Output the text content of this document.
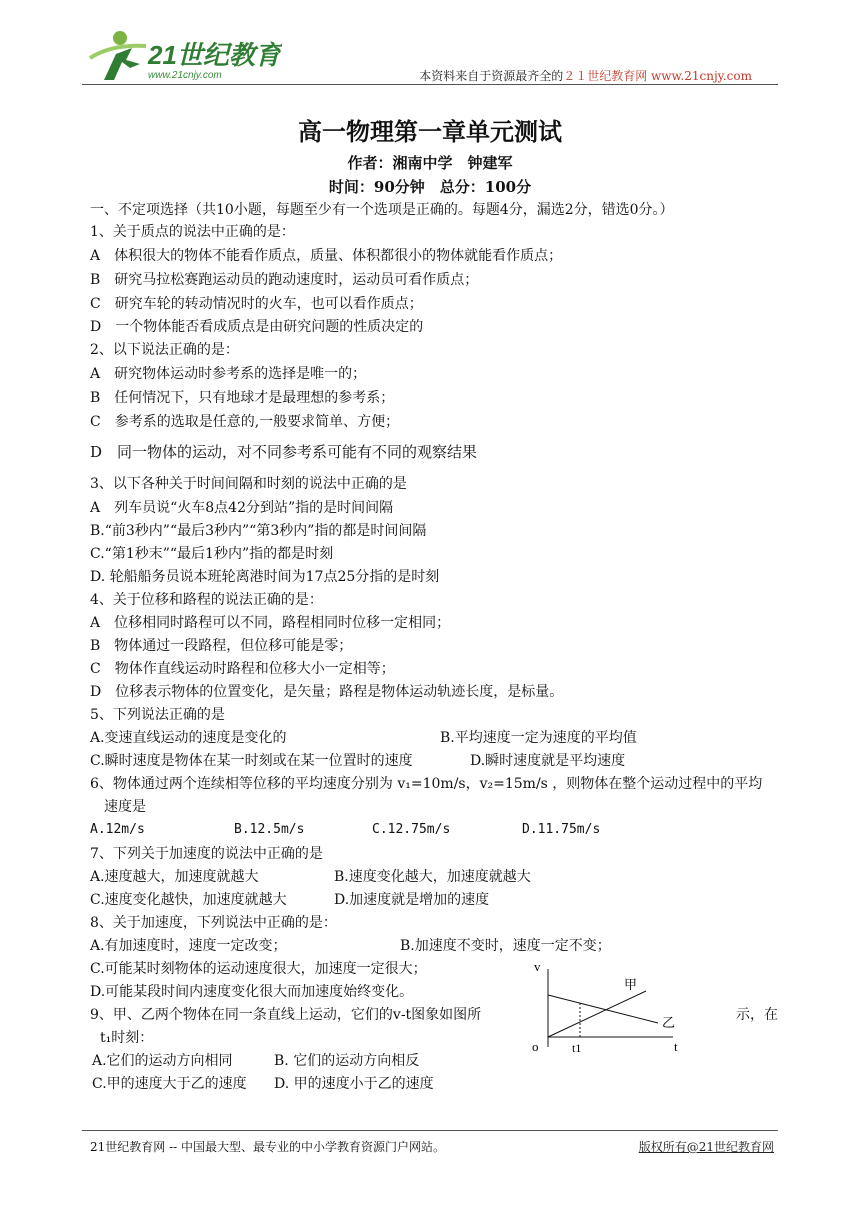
21世纪教育
www.21cnjy.com	本资料来自于资源最齐全的２１世纪教育网 www.21cnjy.com
高一物理第一章单元测试
作者：湘南中学　钟建军
时间：90分钟　总分：100分
一、不定项选择（共10小题，每题至少有一个选项是正确的。每题4分，漏选2分，错选0分。）
1、关于质点的说法中正确的是：
A　体积很大的物体不能看作质点，质量、体积都很小的物体就能看作质点；
B　研究马拉松赛跑运动员的跑动速度时，运动员可看作质点；
C　研究车轮的转动情况时的火车，也可以看作质点；
D　一个物体能否看成质点是由研究问题的性质决定的
2、以下说法正确的是：
A　研究物体运动时参考系的选择是唯一的；
B　任何情况下，只有地球才是最理想的参考系；
C　参考系的选取是任意的,一般要求简单、方便；
D　同一物体的运动，对不同参考系可能有不同的观察结果
3、以下各种关于时间间隔和时刻的说法中正确的是
A　列车员说“火车8点42分到站”指的是时间间隔
B.“前3秒内”“最后3秒内”“第3秒内”指的都是时间间隔
C.“第1秒末”“最后1秒内”指的都是时刻
D. 轮船船务员说本班轮离港时间为17点25分指的是时刻
4、关于位移和路程的说法正确的是：
A　位移相同时路程可以不同，路程相同时位移一定相同；
B　物体通过一段路程，但位移可能是零；
C　物体作直线运动时路程和位移大小一定相等；
D　位移表示物体的位置变化，是矢量；路程是物体运动轨迹长度，是标量。
5、下列说法正确的是
A.变速直线运动的速度是变化的	B.平均速度一定为速度的平均值
C.瞬时速度是物体在某一时刻或在某一位置时的速度	D.瞬时速度就是平均速度
6、物体通过两个连续相等位移的平均速度分别为 v₁=10m/s，v₂=15m/s ，则物体在整个运动过程中的平均
速度是
A.12m/s	B.12.5m/s	C.12.75m/s	D.11.75m/s
7、下列关于加速度的说法中正确的是
A.速度越大，加速度就越大	B.速度变化越大，加速度就越大
C.速度变化越快，加速度就越大	D.加速度就是增加的速度
8、关于加速度，下列说法中正确的是：
A.有加速度时，速度一定改变；	B.加速度不变时，速度一定不变；
C.可能某时刻物体的运动速度很大，加速度一定很大；
D.可能某段时间内速度变化很大而加速度始终变化。
9、甲、乙两个物体在同一条直线上运动，它们的v-t图象如图所	示，在
t₁时刻：
A.它们的运动方向相同	B. 它们的运动方向相反
C.甲的速度大于乙的速度 D. 甲的速度小于乙的速度
v
t
o	t1
甲
乙
21世纪教育网 -- 中国最大型、最专业的中小学教育资源门户网站。	版权所有@21世纪教育网
